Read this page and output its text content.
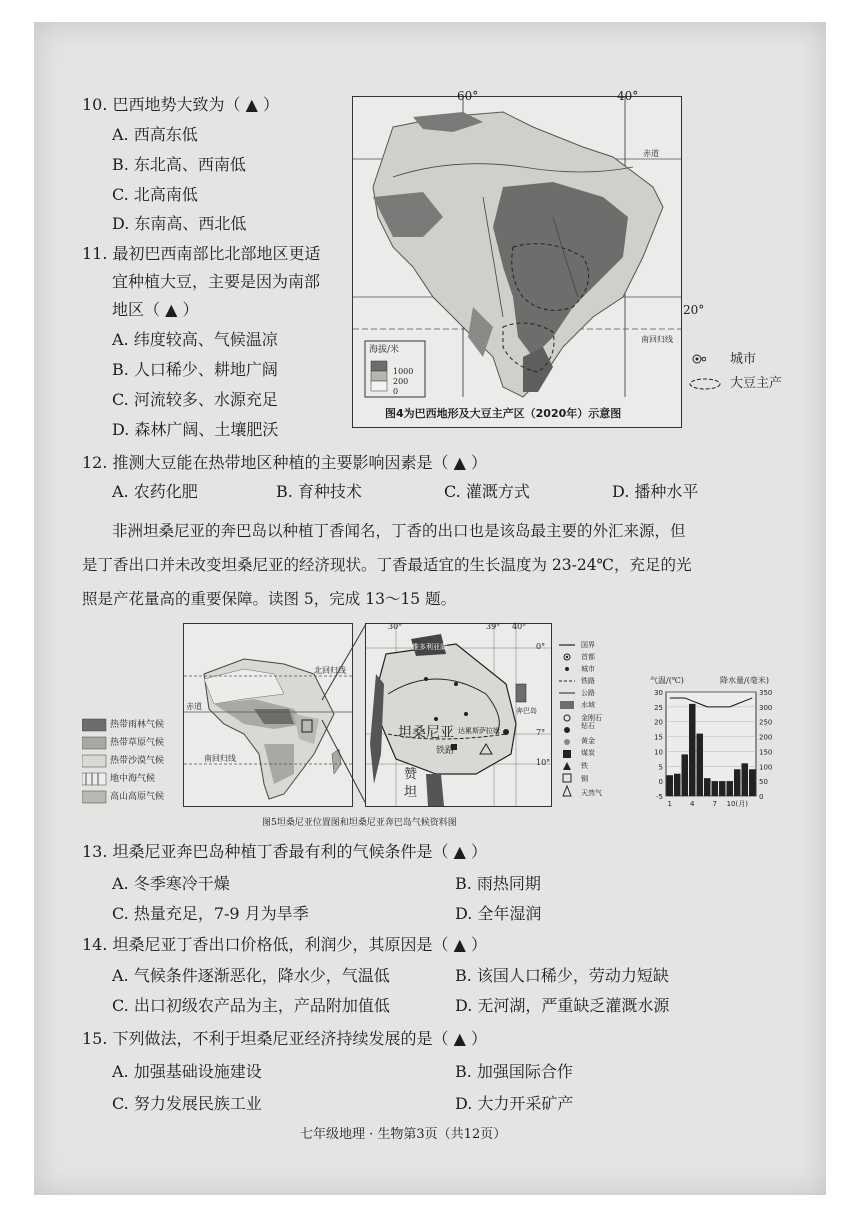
10. 巴西地势大致为（ ▲ ）
A. 西高东低
B. 东北高、西南低
C. 北高南低
D. 东南高、西北低
11. 最初巴西南部比北部地区更适
宜种植大豆，主要是因为南部
地区（ ▲ ）
A. 纬度较高、气候温凉
B. 人口稀少、耕地广阔
C. 河流较多、水源充足
D. 森林广阔、土壤肥沃
60°	40°
20°
赤道
南回归线
海拔/米
1000
200
0
图4为巴西地形及大豆主产区（2020年）示意图
城市
大豆主产
12. 推测大豆能在热带地区种植的主要影响因素是（ ▲ ）
A. 农药化肥	B. 育种技术	C. 灌溉方式	D. 播种水平
非洲坦桑尼亚的奔巴岛以种植丁香闻名，丁香的出口也是该岛最主要的外汇来源，但
是丁香出口并未改变坦桑尼亚的经济现状。丁香最适宜的生长温度为 23-24℃，充足的光
照是产花量高的重要保障。读图 5，完成 13～15 题。
热带雨林气候
热带草原气候
热带沙漠气候
地中海气候
高山高原气候
北回归线
赤道
南回归线
30°	39° 40°
0°
7°
10°
维多利亚湖
坦桑尼亚
铁路
奔巴岛
达累斯萨拉姆
赞
坦
国界
首都
城市
铁路
公路
水域
金刚石
钻石
黄金
煤炭
铁
铜
天然气
气温/(℃)	降水量/(毫米)
30
25
20
15
10
5
0
-5
350
300
250
200
150
100
50
0
1	4	7 10(月)
图5坦桑尼亚位置图和坦桑尼亚奔巴岛气候资料图
13. 坦桑尼亚奔巴岛种植丁香最有利的气候条件是（ ▲ ）
A. 冬季寒冷干燥	B. 雨热同期
C. 热量充足，7-9 月为旱季	D. 全年湿润
14. 坦桑尼亚丁香出口价格低，利润少，其原因是（ ▲ ）
A. 气候条件逐渐恶化，降水少，气温低	B. 该国人口稀少，劳动力短缺
C. 出口初级农产品为主，产品附加值低	D. 无河湖，严重缺乏灌溉水源
15. 下列做法，不利于坦桑尼亚经济持续发展的是（ ▲ ）
A. 加强基础设施建设	B. 加强国际合作
C. 努力发展民族工业	D. 大力开采矿产
七年级地理 · 生物第3页（共12页）
